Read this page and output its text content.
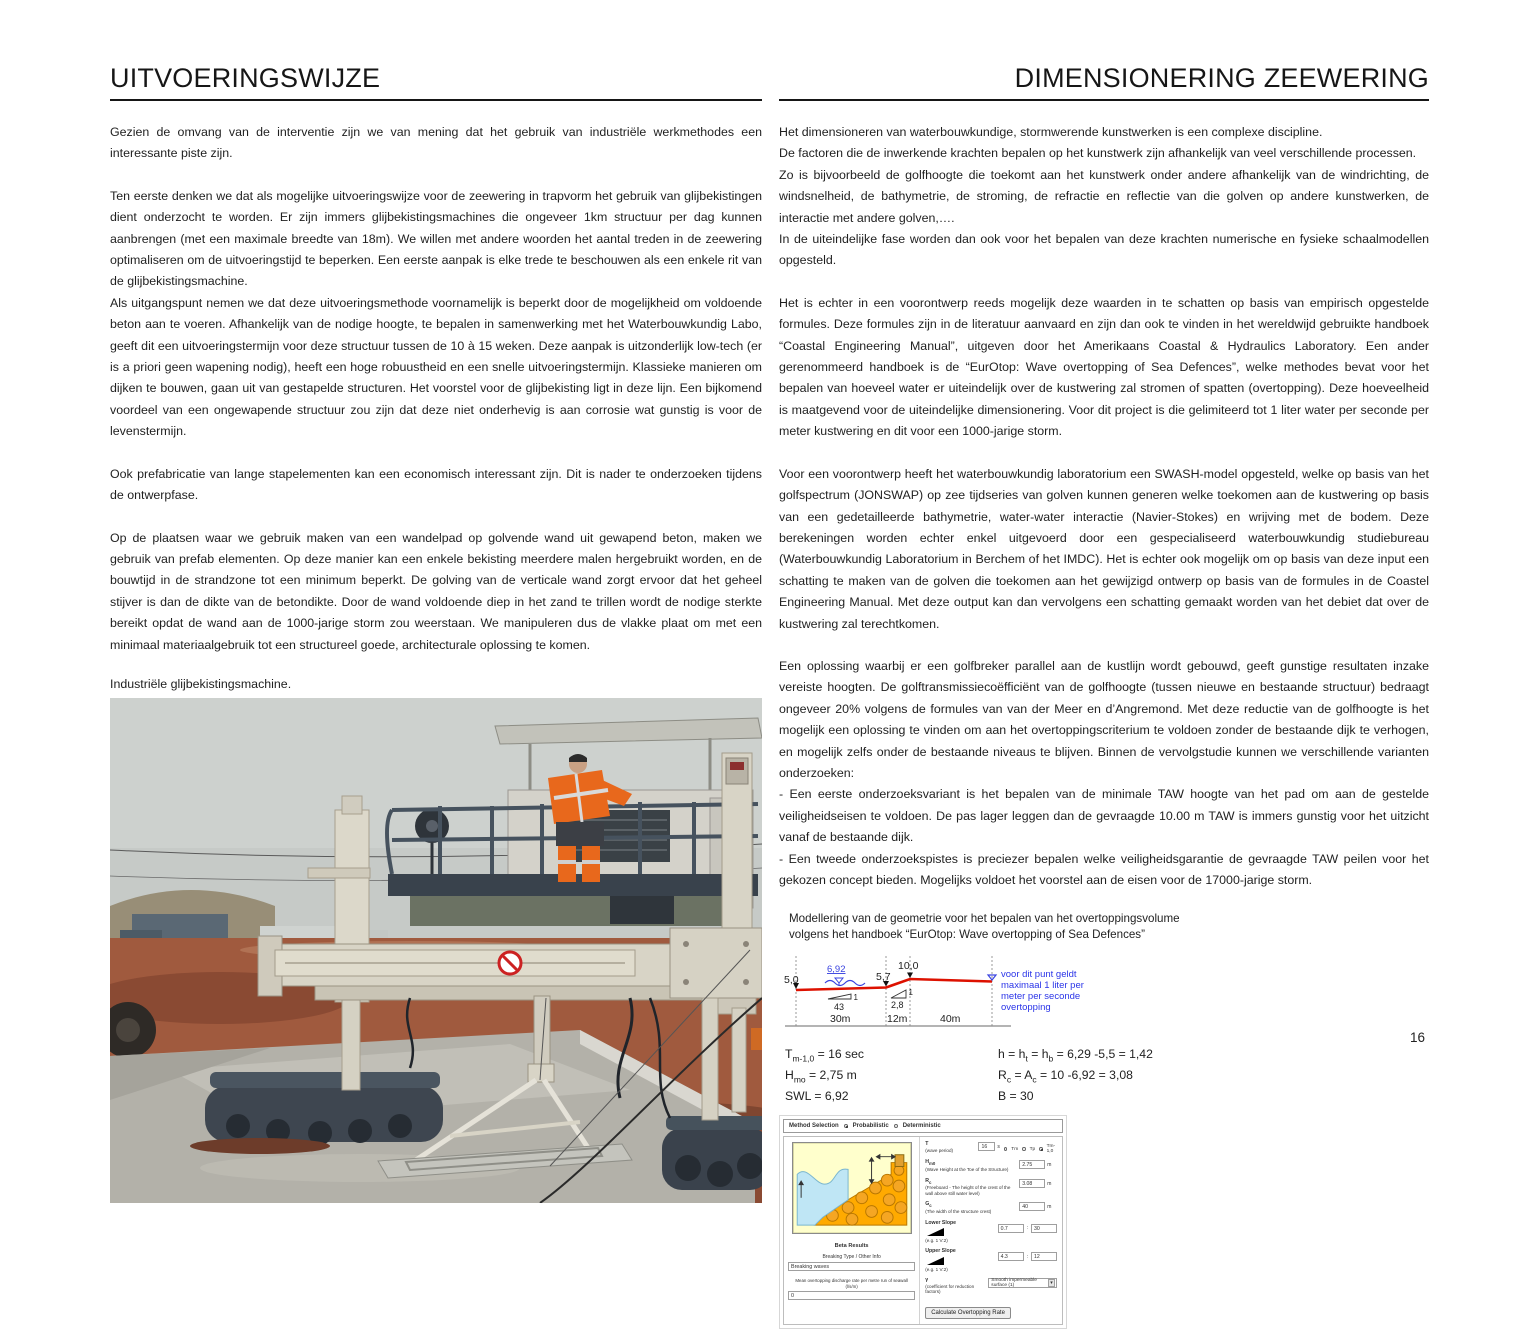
UITVOERINGSWIJZE

Gezien de omvang van de interventie zijn we van mening dat het gebruik van industriële werkmethodes een interessante piste zijn.

Ten eerste denken we dat als mogelijke uitvoeringswijze voor de zeewering in trapvorm het gebruik van glijbekistingen dient onderzocht te worden. Er zijn immers glijbekistingsmachines die ongeveer 1km structuur per dag kunnen aanbrengen (met een maximale breedte van 18m). We willen met andere woorden het aantal treden in de zeewering optimaliseren om de uitvoeringstijd te beperken. Een eerste aanpak is elke trede te beschouwen als een enkele rit van de glijbekistingsmachine.

Als uitgangspunt nemen we dat deze uitvoeringsmethode voornamelijk is beperkt door de mogelijkheid om voldoende beton aan te voeren. Afhankelijk van de nodige hoogte, te bepalen in samenwerking met het Waterbouwkundig Labo, geeft dit een uitvoeringstermijn voor deze structuur tussen de 10 à 15 weken. Deze aanpak is uitzonderlijk low-tech (er is a priori geen wapening nodig), heeft een hoge robuustheid en een snelle uitvoeringstermijn. Klassieke manieren om dijken te bouwen, gaan uit van gestapelde structuren. Het voorstel voor de glijbekisting ligt in deze lijn. Een bijkomend voordeel van een ongewapende structuur zou zijn dat deze niet onderhevig is aan corrosie wat gunstig is voor de levenstermijn.

Ook prefabricatie van lange stapelementen kan een economisch interessant zijn. Dit is nader te onderzoeken tijdens de ontwerpfase.

Op de plaatsen waar we gebruik maken van een wandelpad op golvende wand uit gewapend beton, maken we gebruik van prefab elementen. Op deze manier kan een enkele bekisting meerdere malen hergebruikt worden, en de bouwtijd in de strandzone tot een minimum beperkt. De golving van de verticale wand zorgt ervoor dat het geheel stijver is dan de dikte van de betondikte. Door de wand voldoende diep in het zand te trillen wordt de nodige sterkte bereikt opdat de wand aan de 1000-jarige storm zou weerstaan. We manipuleren dus de vlakke plaat om met een minimaal materiaalgebruik tot een structureel goede, architecturale oplossing te komen.

Industriële glijbekistingsmachine.

DIMENSIONERING ZEEWERING

Het dimensioneren van waterbouwkundige, stormwerende kunstwerken is een complexe discipline.
De factoren die de inwerkende krachten bepalen op het kunstwerk zijn afhankelijk van veel verschillende processen.
Zo is bijvoorbeeld de golfhoogte die toekomt aan het kunstwerk onder andere afhankelijk van de windrichting, de windsnelheid, de bathymetrie, de stroming, de refractie en reflectie van die golven op andere kunstwerken, de interactie met andere golven,….
In de uiteindelijke fase worden dan ook voor het bepalen van deze krachten numerische en fysieke schaalmodellen opgesteld.

Het is echter in een voorontwerp reeds mogelijk deze waarden in te schatten op basis van empirisch opgestelde formules. Deze formules zijn in de literatuur aanvaard en zijn dan ook te vinden in het wereldwijd gebruikte handboek “Coastal Engineering Manual”, uitgeven door het Amerikaans Coastal & Hydraulics Laboratory. Een ander gerenommeerd handboek is de “EurOtop: Wave overtopping of Sea Defences”, welke methodes bevat voor het bepalen van hoeveel water er uiteindelijk over de kustwering zal stromen of spatten (overtopping). Deze hoeveelheid is maatgevend voor de uiteindelijke dimensionering. Voor dit project is die gelimiteerd tot 1 liter water per seconde per meter kustwering en dit voor een 1000-jarige storm.

Voor een voorontwerp heeft het waterbouwkundig laboratorium een SWASH-model opgesteld, welke op basis van het golfspectrum (JONSWAP) op zee tijdseries van golven kunnen generen welke toekomen aan de kustwering op basis van een gedetailleerde bathymetrie, water-water interactie (Navier-Stokes) en wrijving met de bodem. Deze berekeningen worden echter enkel uitgevoerd door een gespecialiseerd waterbouwkundig studiebureau (Waterbouwkundig Laboratorium in Berchem of het IMDC). Het is echter ook mogelijk om op basis van deze input een schatting te maken van de golven die toekomen aan het gewijzigd ontwerp op basis van de formules in de Coastel Engineering Manual. Met deze output kan dan vervolgens een schatting gemaakt worden van het debiet dat over de kustwering zal terechtkomen.

Een oplossing waarbij er een golfbreker parallel aan de kustlijn wordt gebouwd, geeft gunstige resultaten inzake vereiste hoogten. De golftransmissiecoëfficiënt van de golfhoogte (tussen nieuwe en bestaande structuur) bedraagt ongeveer 20% volgens de formules van van der Meer en d’Angremond. Met deze reductie van de golfhoogte is het mogelijk een oplossing te vinden om aan het overtoppingscriterium te voldoen zonder de bestaande dijk te verhogen, en mogelijk zelfs onder de bestaande niveaus te blijven. Binnen de vervolgstudie kunnen we verschillende varianten onderzoeken:
- Een eerste onderzoeksvariant is het bepalen van de minimale TAW hoogte van het pad om aan de gestelde veiligheidseisen te voldoen. De pas lager leggen dan de gevraagde 10.00 m TAW is immers gunstig voor het uitzicht vanaf de bestaande dijk.
- Een tweede onderzoekspistes is preciezer bepalen welke veiligheidsgarantie de gevraagde TAW peilen voor het gekozen concept bieden. Mogelijks voldoet het voorstel aan de eisen voor de 17000-jarige storm.

Modellering van de geometrie voor het bepalen van het overtoppingsvolume
volgens het handboek “EurOtop: Wave overtopping of Sea Defences”
5,0
6,92
5,7
10,0
1
43
1
2,8
30m	12m	40m
voor dit punt geldt
maximaal 1 liter per
meter per seconde
overtopping
$T_{m-1,0} = 16$ sec
$H_{mo} = 2,75$ m
SWL = 6,92
$h = h_t = h_b = 6,29$ -5,5 = 1,42
$R_c = A_c = 10$ -6,92 = 3,08
B = 30
Method Selection Probabilistic Deterministic
Beta Results
Breaking Type / Other Info
Breaking waves
Mean overtopping discharge rate per metre run of seawall
(l/s/m)
0
T
(wave period)
16	s Tm Tp Tm-1,0
$H_{m0}$
(Wave Height at the Toe of the Structure)
2.75	m
$R_c$
(Freeboard - The height of the crest of the wall above still water level)
3.08	m
$G_c$
(The width of the structure crest)
40	m
Lower Slope

(e.g. 1 V:2)
0.7	:	30
Upper Slope

(e.g. 1 V:2)
4.3	:	12
γ
(coefficient for reduction factors)
Smooth impermeable surface (1)	▾
Calculate Overtopping Rate
16
